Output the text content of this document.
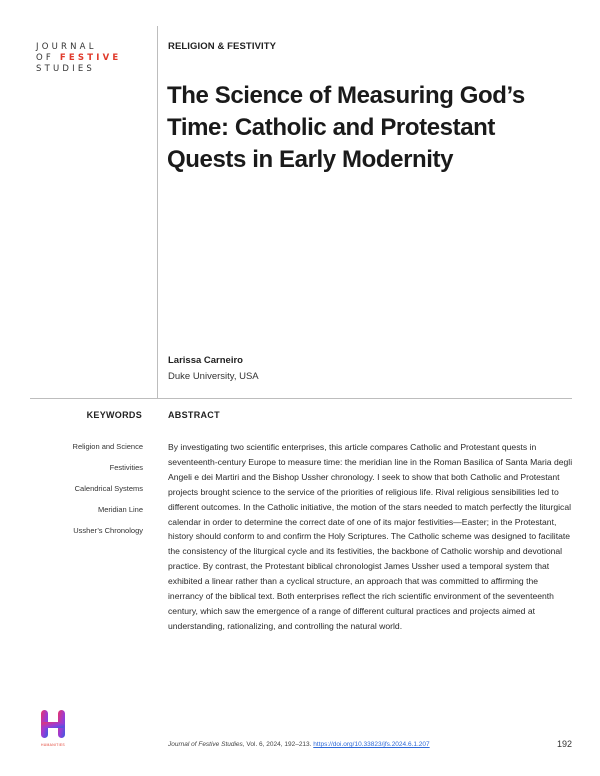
JOURNAL
OF FESTIVE
STUDIES
RELIGION & FESTIVITY
The Science of Measuring God’s Time: Catholic and Protestant Quests in Early Modernity
Larissa Carneiro
Duke University, USA
KEYWORDS
Religion and Science
Festivities
Calendrical Systems
Meridian Line
Ussher’s Chronology
ABSTRACT

By investigating two scientific enterprises, this article compares Catholic and Protestant quests in seventeenth-century Europe to measure time: the meridian line in the Roman Basilica of Santa Maria degli Angeli e dei Martiri and the Bishop Ussher chronology. I seek to show that both Catholic and Protestant projects brought science to the service of the priorities of religious life. Rival religious sensibilities led to different outcomes. In the Catholic initiative, the motion of the stars needed to match perfectly the liturgical calendar in order to determine the correct date of one of its major festivities—Easter; in the Protestant, history should conform to and confirm the Holy Scriptures. The Catholic scheme was designed to facilitate the consistency of the liturgical cycle and its festivities, the backbone of Catholic worship and devotional practice. By contrast, the Protestant biblical chronologist James Ussher used a temporal system that exhibited a linear rather than a cyclical structure, an approach that was committed to affirming the inerrancy of the biblical text. Both enterprises reflect the rich scientific environment of the seventeenth century, which saw the emergence of a range of different cultural practices and projects aimed at understanding, rationalizing, and controlling the natural world.

HUMANITIES	Journal of Festive Studies, Vol. 6, 2024, 192–213. https://doi.org/10.33823/jfs.2024.6.1.207	192
